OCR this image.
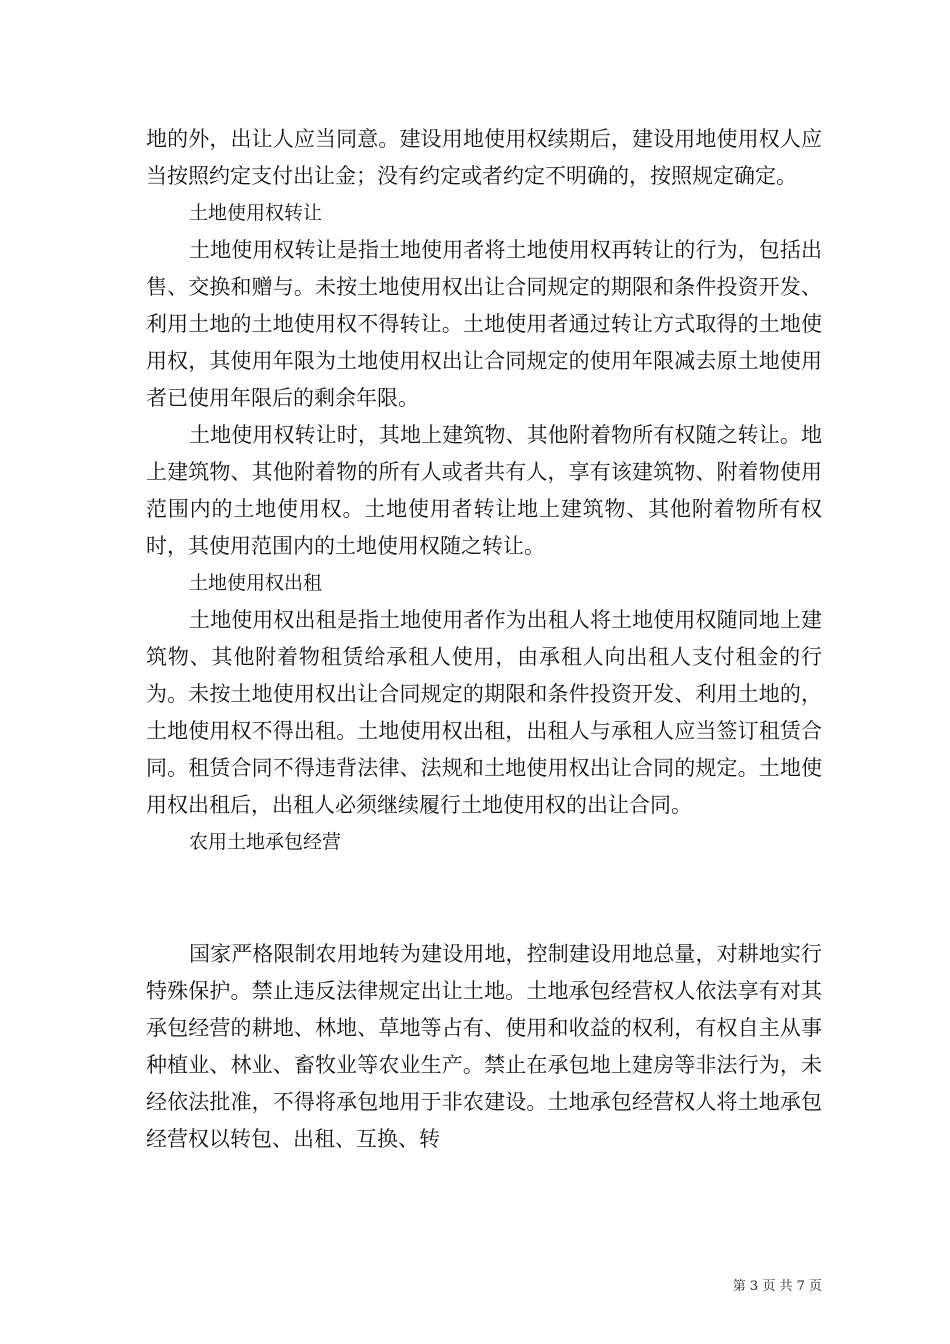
地的外，出让人应当同意。建设用地使用权续期后，建设用地使用权人应当按照约定支付出让金；没有约定或者约定不明确的，按照规定确定。

土地使用权转让

土地使用权转让是指土地使用者将土地使用权再转让的行为，包括出售、交换和赠与。未按土地使用权出让合同规定的期限和条件投资开发、利用土地的土地使用权不得转让。土地使用者通过转让方式取得的土地使用权，其使用年限为土地使用权出让合同规定的使用年限减去原土地使用者已使用年限后的剩余年限。

土地使用权转让时，其地上建筑物、其他附着物所有权随之转让。地上建筑物、其他附着物的所有人或者共有人，享有该建筑物、附着物使用范围内的土地使用权。土地使用者转让地上建筑物、其他附着物所有权时，其使用范围内的土地使用权随之转让。

土地使用权出租

土地使用权出租是指土地使用者作为出租人将土地使用权随同地上建筑物、其他附着物租赁给承租人使用，由承租人向出租人支付租金的行为。未按土地使用权出让合同规定的期限和条件投资开发、利用土地的，土地使用权不得出租。土地使用权出租，出租人与承租人应当签订租赁合同。租赁合同不得违背法律、法规和土地使用权出让合同的规定。土地使用权出租后，出租人必须继续履行土地使用权的出让合同。

农用土地承包经营

国家严格限制农用地转为建设用地，控制建设用地总量，对耕地实行特殊保护。禁止违反法律规定出让土地。土地承包经营权人依法享有对其承包经营的耕地、林地、草地等占有、使用和收益的权利，有权自主从事种植业、林业、畜牧业等农业生产。禁止在承包地上建房等非法行为，未经依法批准，不得将承包地用于非农建设。土地承包经营权人将土地承包经营权以转包、出租、互换、转

第 3 页 共 7 页
